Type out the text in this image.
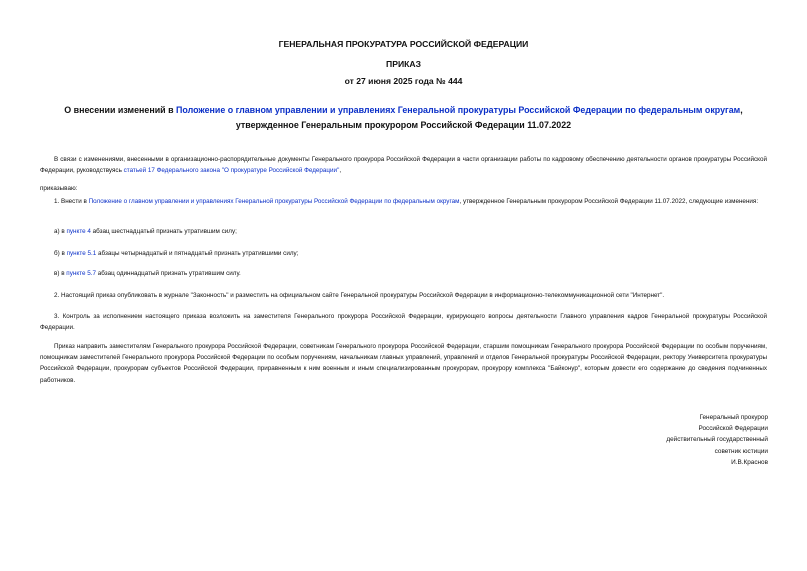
ГЕНЕРАЛЬНАЯ ПРОКУРАТУРА РОССИЙСКОЙ ФЕДЕРАЦИИ
ПРИКАЗ
от 27 июня 2025 года № 444
О внесении изменений в Положение о главном управлении и управлениях Генеральной прокуратуры Российской Федерации по федеральным округам,
утвержденное Генеральным прокурором Российской Федерации 11.07.2022

В связи с изменениями, внесенными в организационно-распорядительные документы Генерального прокурора Российской Федерации в части организации работы по кадровому обеспечению деятельности органов прокуратуры Российской Федерации, руководствуясь статьей 17 Федерального закона "О прокуратуре Российской Федерации",

приказываю:

1. Внести в Положение о главном управлении и управлениях Генеральной прокуратуры Российской Федерации по федеральным округам, утвержденное Генеральным прокурором Российской Федерации 11.07.2022, следующие изменения:

а) в пункте 4 абзац шестнадцатый признать утратившим силу;

б) в пункте 5.1 абзацы четырнадцатый и пятнадцатый признать утратившими силу;

в) в пункте 5.7 абзац одиннадцатый признать утратившим силу.

2. Настоящий приказ опубликовать в журнале "Законность" и разместить на официальном сайте Генеральной прокуратуры Российской Федерации в информационно-телекоммуникационной сети "Интернет".

3. Контроль за исполнением настоящего приказа возложить на заместителя Генерального прокурора Российской Федерации, курирующего вопросы деятельности Главного управления кадров Генеральной прокуратуры Российской Федерации.

Приказ направить заместителям Генерального прокурора Российской Федерации, советникам Генерального прокурора Российской Федерации, старшим помощникам Генерального прокурора Российской Федерации по особым поручениям, помощникам заместителей Генерального прокурора Российской Федерации по особым поручениям, начальникам главных управлений, управлений и отделов Генеральной прокуратуры Российской Федерации, ректору Университета прокуратуры Российской Федерации, прокурорам субъектов Российской Федерации, приравненным к ним военным и иным специализированным прокурорам, прокурору комплекса "Байконур", которым довести его содержание до сведения подчиненных работников.

Генеральный прокурор
Российской Федерации
действительный государственный
советник юстиции
И.В.Краснов
